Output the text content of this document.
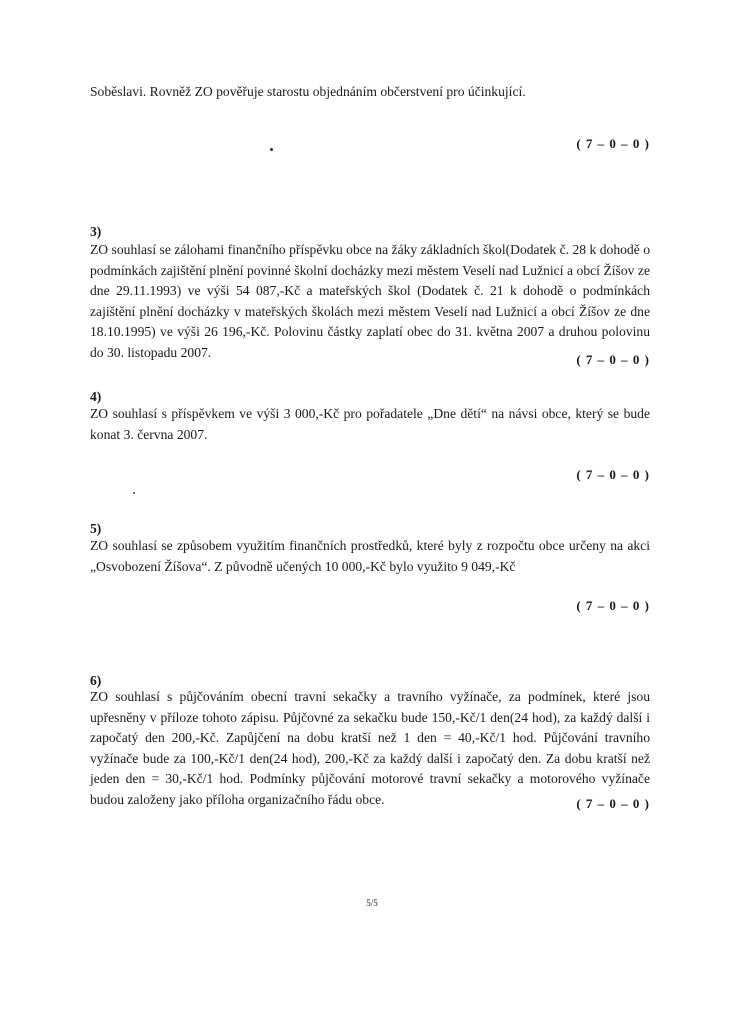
Soběslavi. Rovněž ZO pověřuje starostu objednáním občerstvení pro účinkující.
( 7 – 0 – 0 )
3)
ZO souhlasí se zálohami finančního příspěvku obce na žáky základních škol(Dodatek č. 28 k dohodě o podmínkách zajištění plnění povinné školní docházky mezi městem Veselí nad Lužnicí a obcí Žíšov ze dne 29.11.1993) ve výši 54 087,-Kč a mateřských škol (Dodatek č. 21 k dohodě o podmínkách zajištění plnění docházky v mateřských školách mezi městem Veselí nad Lužnicí a obcí Žíšov ze dne 18.10.1995) ve výši 26 196,-Kč. Polovinu částky zaplatí obec do 31. května 2007 a druhou polovinu do 30. listopadu 2007.	( 7 – 0 – 0 )
4)
ZO souhlasí s příspěvkem ve výši 3 000,-Kč pro pořadatele „Dne dětí“ na návsi obce, který se bude konat 3. června 2007.
( 7 – 0 – 0 )
5)
ZO souhlasí se způsobem využitím finančních prostředků, které byly z rozpočtu obce určeny na akci „Osvobození Žíšova“. Z původně učených 10 000,-Kč bylo využito 9 049,-Kč
( 7 – 0 – 0 )
6)
ZO souhlasí s půjčováním obecní travní sekačky a travního vyžínače, za podmínek, které jsou upřesněny v příloze tohoto zápisu. Půjčovné za sekačku bude 150,-Kč/1 den(24 hod), za každý další i započatý den 200,-Kč. Zapůjčení na dobu kratší než 1 den = 40,-Kč/1 hod. Půjčování travního vyžínače bude za 100,-Kč/1 den(24 hod), 200,-Kč za každý další i započatý den. Za dobu kratší než jeden den = 30,-Kč/1 hod. Podmínky půjčování motorové travní sekačky a motorového vyžínače budou založeny jako příloha organizačního řádu obce.	( 7 – 0 – 0 )
5/5
